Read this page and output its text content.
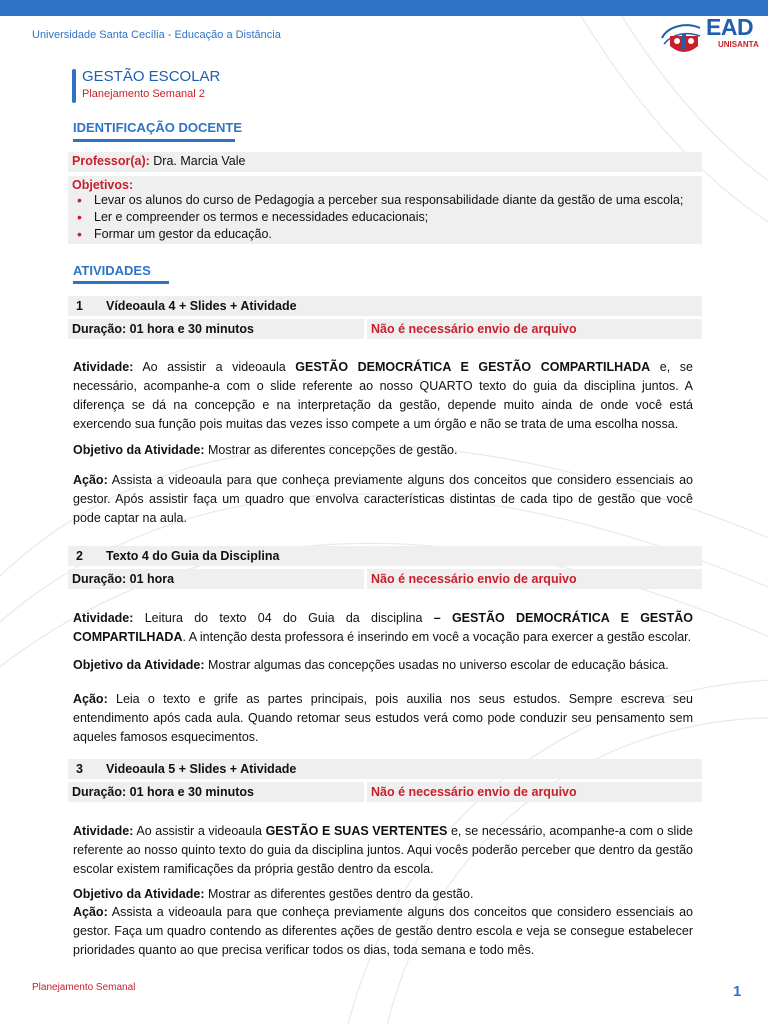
Universidade Santa Cecília - Educação a Distância	EAD
UNISANTA
GESTÃO ESCOLAR
Planejamento Semanal 2
IDENTIFICAÇÃO DOCENTE
Professor(a): Dra. Marcia Vale
Objetivos:
• Levar os alunos do curso de Pedagogia a perceber sua responsabilidade diante da gestão de uma escola;
• Ler e compreender os termos e necessidades educacionais;
• Formar um gestor da educação.
ATIVIDADES
1 Vídeoaula 4 + Slides + Atividade
Duração: 01 hora e 30 minutos	Não é necessário envio de arquivo
Atividade: Ao assistir a videoaula GESTÃO DEMOCRÁTICA E GESTÃO COMPARTILHADA e, se necessário, acompanhe-a com o slide referente ao nosso QUARTO texto do guia da disciplina juntos. A diferença se dá na concepção e na interpretação da gestão, depende muito ainda de onde você está exercendo sua função pois muitas das vezes isso compete a um órgão e não se trata de uma escolha nossa.
Objetivo da Atividade: Mostrar as diferentes concepções de gestão.
Ação: Assista a videoaula para que conheça previamente alguns dos conceitos que considero essenciais ao gestor. Após assistir faça um quadro que envolva características distintas de cada tipo de gestão que você pode captar na aula.
2 Texto 4 do Guia da Disciplina
Duração: 01 hora	Não é necessário envio de arquivo
Atividade: Leitura do texto 04 do Guia da disciplina – GESTÃO DEMOCRÁTICA E GESTÃO COMPARTILHADA. A intenção desta professora é inserindo em você a vocação para exercer a gestão escolar.
Objetivo da Atividade: Mostrar algumas das concepções usadas no universo escolar de educação básica.
Ação: Leia o texto e grife as partes principais, pois auxilia nos seus estudos. Sempre escreva seu entendimento após cada aula. Quando retomar seus estudos verá como pode conduzir seu pensamento sem aqueles famosos esquecimentos.
3 Videoaula 5 + Slides + Atividade
Duração: 01 hora e 30 minutos	Não é necessário envio de arquivo
Atividade: Ao assistir a videoaula GESTÃO E SUAS VERTENTES e, se necessário, acompanhe-a com o slide referente ao nosso quinto texto do guia da disciplina juntos. Aqui vocês poderão perceber que dentro da gestão escolar existem ramificações da própria gestão dentro da escola.
Objetivo da Atividade: Mostrar as diferentes gestões dentro da gestão.
Ação: Assista a videoaula para que conheça previamente alguns dos conceitos que considero essenciais ao gestor. Faça um quadro contendo as diferentes ações de gestão dentro escola e veja se consegue estabelecer prioridades quanto ao que precisa verificar todos os dias, toda semana e todo mês.
Planejamento Semanal	1
